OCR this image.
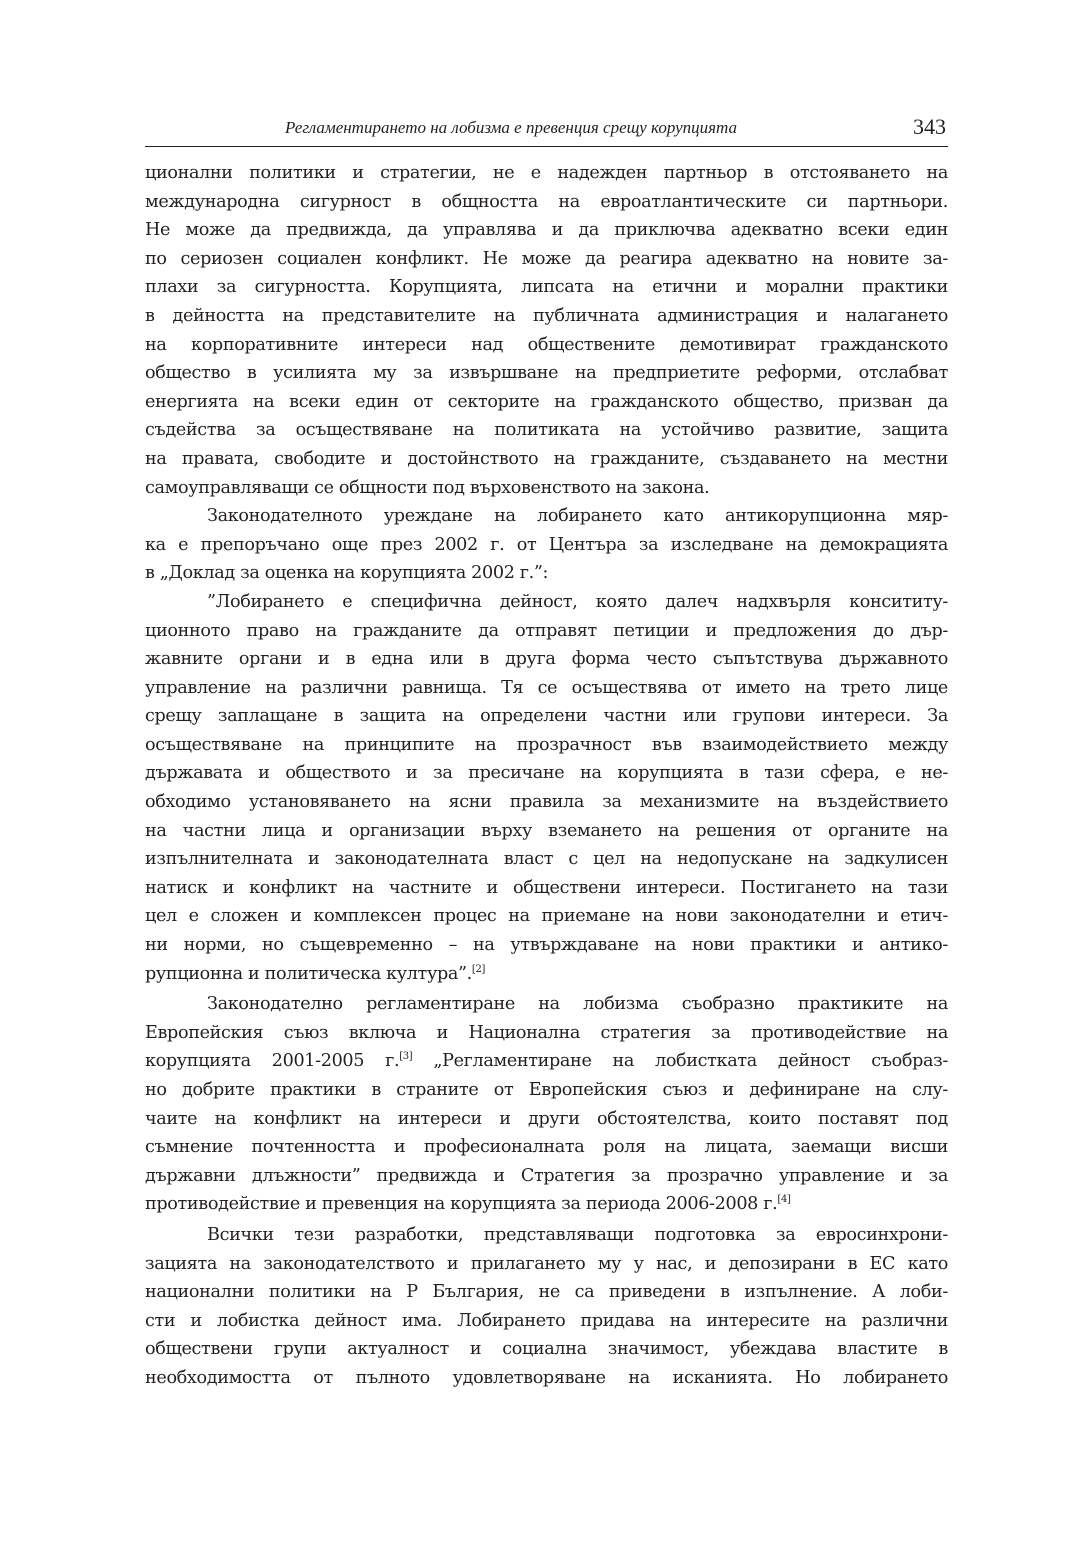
Регламентирането на лобизма е превенция срещу корупцията	343
ционални политики и стратегии, не е надежден партньор в отстояването на
международна сигурност в общността на евроатлантическите си партньори.
Не може да предвижда, да управлява и да приключва адекватно всеки един
по сериозен социален конфликт. Не може да реагира адекватно на новите за-
плахи за сигурността. Корупцията, липсата на етични и морални практики
в дейността на представителите на публичната администрация и налагането
на корпоративните интереси над обществените демотивират гражданското
общество в усилията му за извършване на предприетите реформи, отслабват
енергията на всеки един от секторите на гражданското общество, призван да
съдейства за осъществяване на политиката на устойчиво развитие, защита
на правата, свободите и достойнството на гражданите, създаването на местни
самоуправляващи се общности под върховенството на закона.
Законодателното уреждане на лобирането като антикорупционна мяр-
ка е препоръчано още през 2002 г. от Центъра за изследване на демокрацията
в „Доклад за оценка на корупцията 2002 г.”:
”Лобирането е специфична дейност, която далеч надхвърля консититу-
ционното право на гражданите да отправят петиции и предложения до дър-
жавните органи и в една или в друга форма често съпътствува държавното
управление на различни равнища. Тя се осъществява от името на трето лице
срещу заплащане в защита на определени частни или групови интереси. За
осъществяване на принципите на прозрачност във взаимодействието между
държавата и обществото и за пресичане на корупцията в тази сфера, е не-
обходимо установяването на ясни правила за механизмите на въздействието
на частни лица и организации върху вземането на решения от органите на
изпълнителната и законодателната власт с цел на недопускане на задкулисен
натиск и конфликт на частните и обществени интереси. Постигането на тази
цел е сложен и комплексен процес на приемане на нови законодателни и етич-
ни норми, но същевременно – на утвърждаване на нови практики и антико-
рупционна и политическа култура”.[2]
Законодателно регламентиране на лобизма съобразно практиките на
Европейския съюз включа и Национална стратегия за противодействие на
корупцията 2001-2005 г.[3] „Регламентиране на лобистката дейност съобраз-
но добрите практики в страните от Европейския съюз и дефиниране на слу-
чаите на конфликт на интереси и други обстоятелства, които поставят под
съмнение почтенността и професионалната роля на лицата, заемащи висши
държавни длъжности” предвижда и Стратегия за прозрачно управление и за
противодействие и превенция на корупцията за периода 2006-2008 г.[4]
Всички тези разработки, представляващи подготовка за евросинхрони-
зацията на законодателството и прилагането му у нас, и депозирани в ЕС като
национални политики на Р България, не са приведени в изпълнение. А лоби-
сти и лобистка дейност има. Лобирането придава на интересите на различни
обществени групи актуалност и социална значимост, убеждава властите в
необходимостта от пълното удовлетворяване на исканията. Но лобирането
